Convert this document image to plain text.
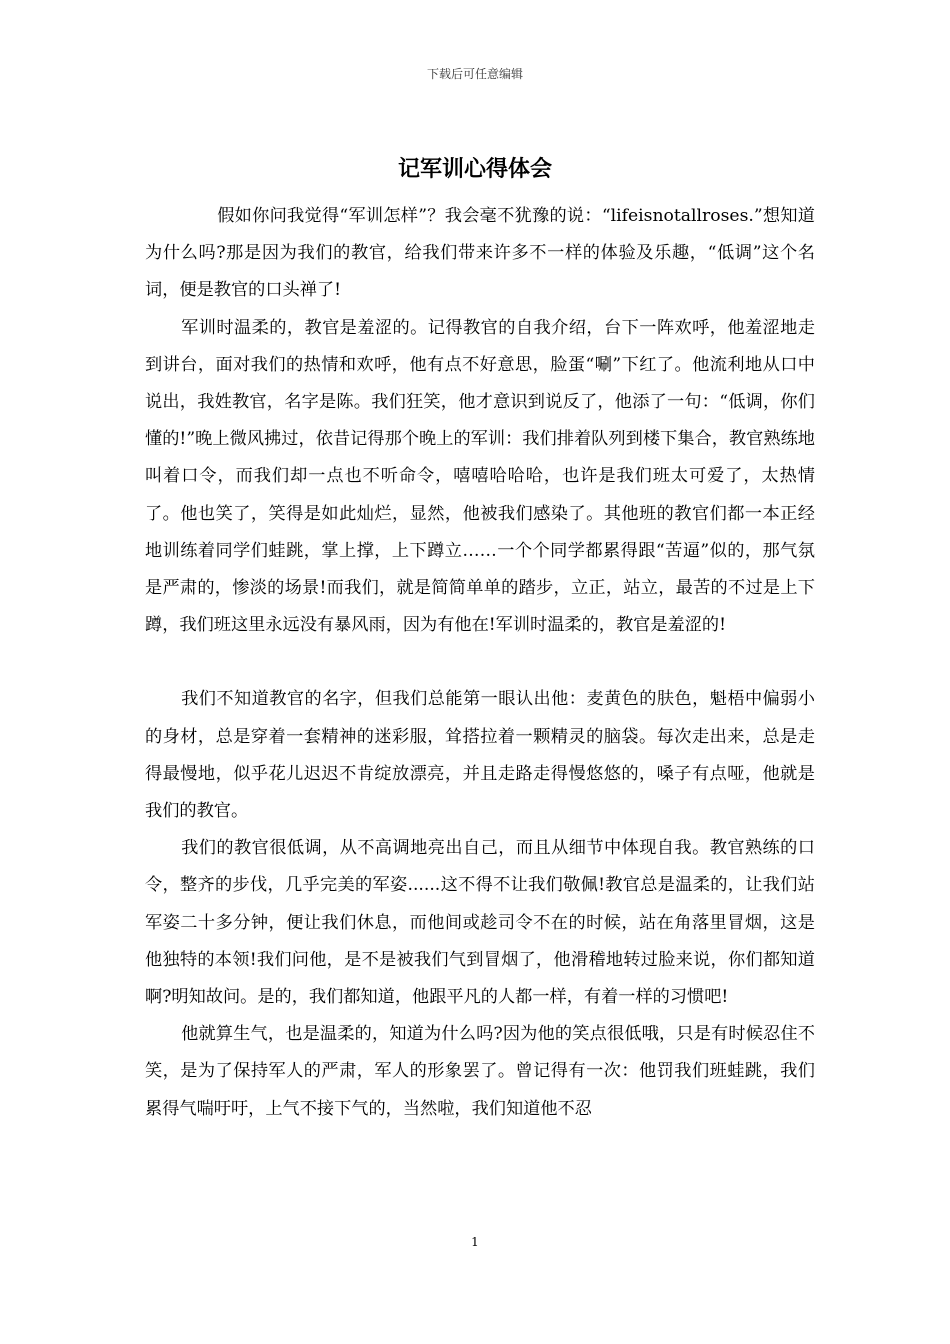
下载后可任意编辑
记军训心得体会

假如你问我觉得“军训怎样”？我会毫不犹豫的说：“lifeisnotallroses.”想知道为什么吗?那是因为我们的教官，给我们带来许多不一样的体验及乐趣，“低调”这个名词，便是教官的口头禅了!

军训时温柔的，教官是羞涩的。记得教官的自我介绍，台下一阵欢呼，他羞涩地走到讲台，面对我们的热情和欢呼，他有点不好意思，脸蛋“唰”下红了。他流利地从口中说出，我姓教官，名字是陈。我们狂笑，他才意识到说反了，他添了一句：“低调，你们懂的!”晚上微风拂过，依昔记得那个晚上的军训：我们排着队列到楼下集合，教官熟练地叫着口令，而我们却一点也不听命令，嘻嘻哈哈哈，也许是我们班太可爱了，太热情了。他也笑了，笑得是如此灿烂，显然，他被我们感染了。其他班的教官们都一本正经地训练着同学们蛙跳，掌上撑，上下蹲立……一个个同学都累得跟“苦逼”似的，那气氛是严肃的，惨淡的场景!而我们，就是简简单单的踏步，立正，站立，最苦的不过是上下蹲，我们班这里永远没有暴风雨，因为有他在!军训时温柔的，教官是羞涩的!

我们不知道教官的名字，但我们总能第一眼认出他：麦黄色的肤色，魁梧中偏弱小的身材，总是穿着一套精神的迷彩服，耸搭拉着一颗精灵的脑袋。每次走出来，总是走得最慢地，似乎花儿迟迟不肯绽放漂亮，并且走路走得慢悠悠的，嗓子有点哑，他就是我们的教官。

我们的教官很低调，从不高调地亮出自己，而且从细节中体现自我。教官熟练的口令，整齐的步伐，几乎完美的军姿......这不得不让我们敬佩!教官总是温柔的，让我们站军姿二十多分钟，便让我们休息，而他间或趁司令不在的时候，站在角落里冒烟，这是他独特的本领!我们问他，是不是被我们气到冒烟了，他滑稽地转过脸来说，你们都知道啊?明知故问。是的，我们都知道，他跟平凡的人都一样，有着一样的习惯吧!

他就算生气，也是温柔的，知道为什么吗?因为他的笑点很低哦，只是有时候忍住不笑，是为了保持军人的严肃，军人的形象罢了。曾记得有一次：他罚我们班蛙跳，我们累得气喘吁吁，上气不接下气的，当然啦，我们知道他不忍

1
